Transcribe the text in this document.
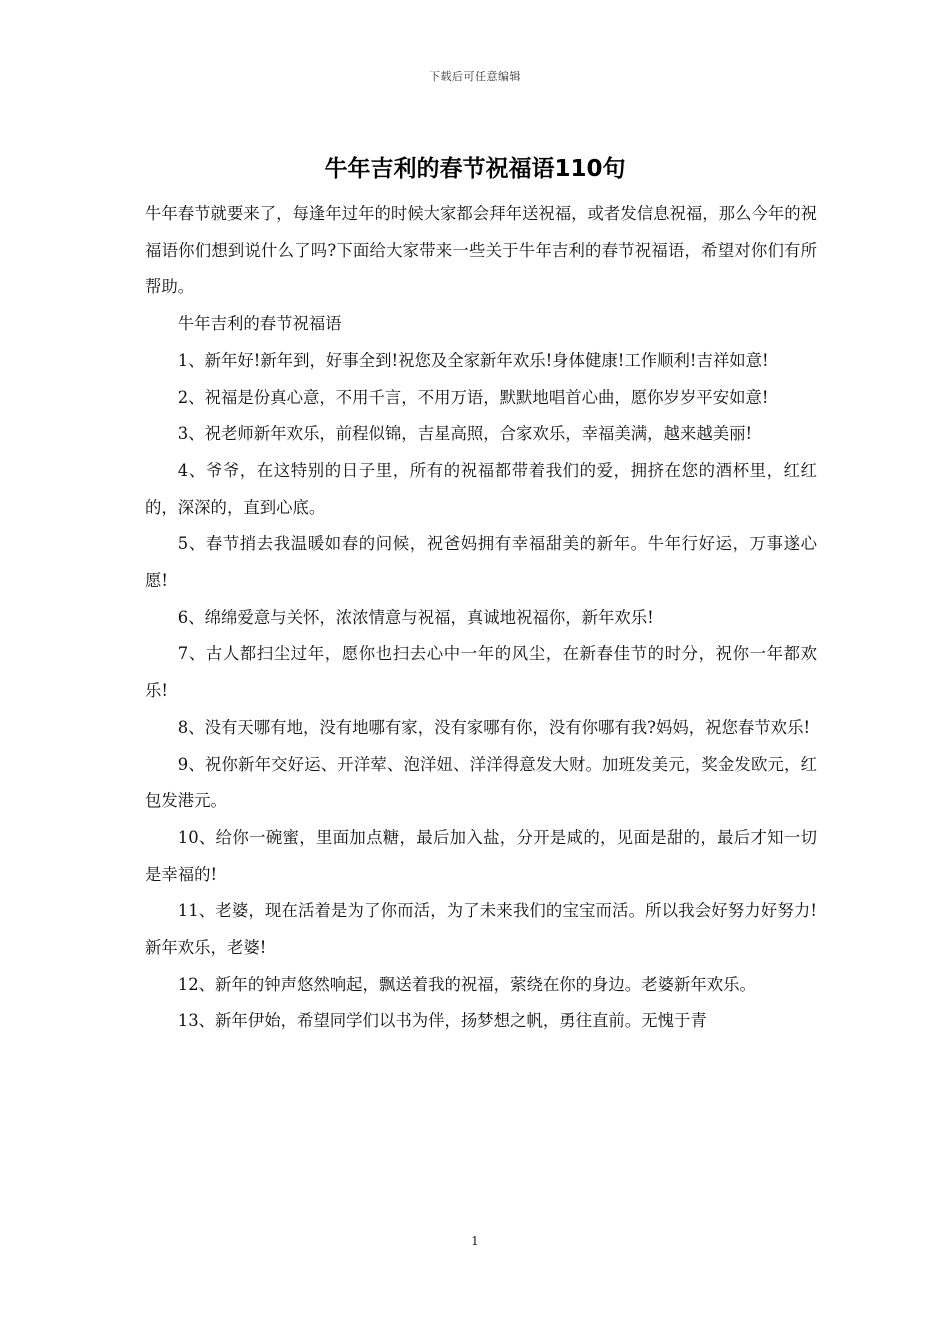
下载后可任意编辑
牛年吉利的春节祝福语110句

牛年春节就要来了，每逢年过年的时候大家都会拜年送祝福，或者发信息祝福，那么今年的祝福语你们想到说什么了吗?下面给大家带来一些关于牛年吉利的春节祝福语，希望对你们有所帮助。

牛年吉利的春节祝福语

1、新年好!新年到，好事全到!祝您及全家新年欢乐!身体健康!工作顺利!吉祥如意!

2、祝福是份真心意，不用千言，不用万语，默默地唱首心曲，愿你岁岁平安如意!

3、祝老师新年欢乐，前程似锦，吉星高照，合家欢乐，幸福美满，越来越美丽!

4、爷爷，在这特别的日子里，所有的祝福都带着我们的爱，拥挤在您的酒杯里，红红的，深深的，直到心底。

5、春节捎去我温暖如春的问候，祝爸妈拥有幸福甜美的新年。牛年行好运，万事遂心愿!

6、绵绵爱意与关怀，浓浓情意与祝福，真诚地祝福你，新年欢乐!

7、古人都扫尘过年，愿你也扫去心中一年的风尘，在新春佳节的时分，祝你一年都欢乐!

8、没有天哪有地，没有地哪有家，没有家哪有你，没有你哪有我?妈妈，祝您春节欢乐!

9、祝你新年交好运、开洋荤、泡洋妞、洋洋得意发大财。加班发美元，奖金发欧元，红包发港元。

10、给你一碗蜜，里面加点糖，最后加入盐，分开是咸的，见面是甜的，最后才知一切是幸福的!

11、老婆，现在活着是为了你而活，为了未来我们的宝宝而活。所以我会好努力好努力!新年欢乐，老婆!

12、新年的钟声悠然响起，飘送着我的祝福，萦绕在你的身边。老婆新年欢乐。

13、新年伊始，希望同学们以书为伴，扬梦想之帆，勇往直前。无愧于青

1
